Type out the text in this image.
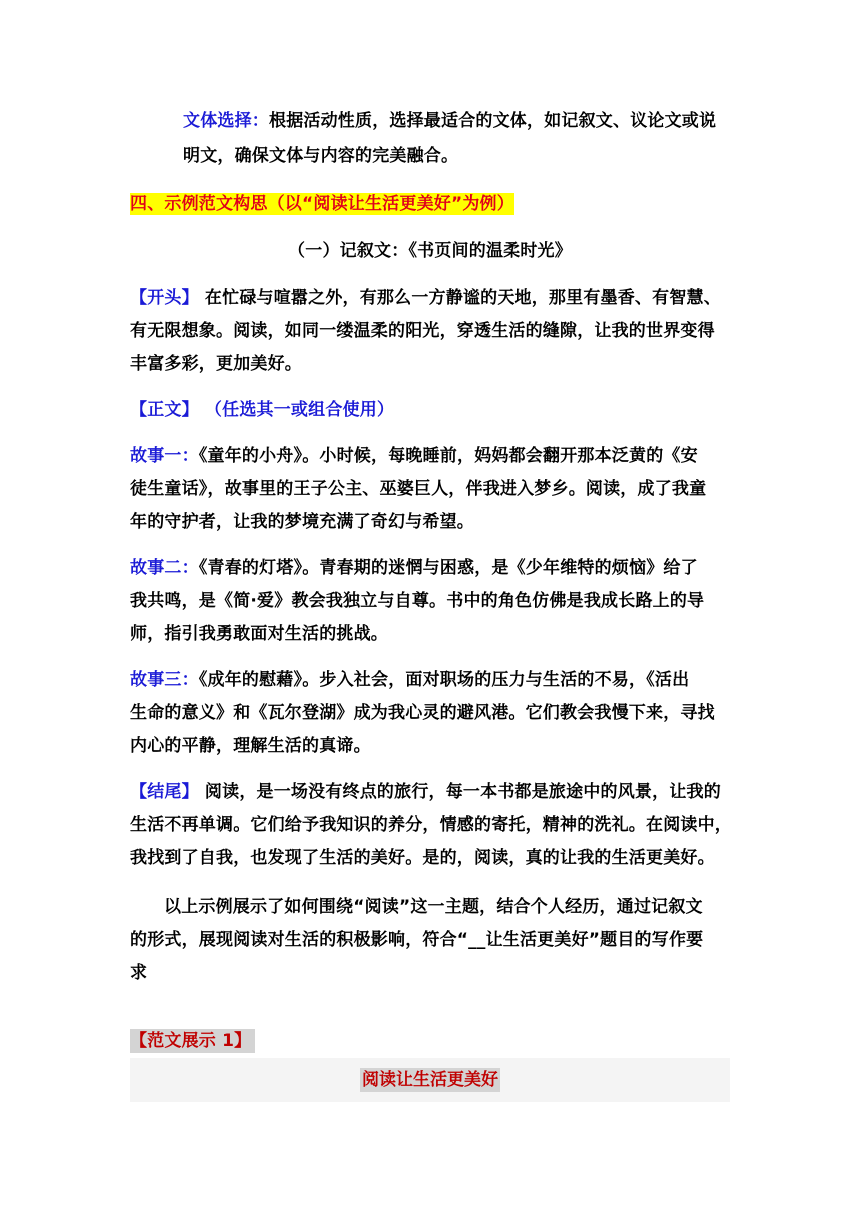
文体选择：根据活动性质，选择最适合的文体，如记叙文、议论文或说

明文，确保文体与内容的完美融合。

四、示例范文构思（以“阅读让生活更美好”为例）

（一）记叙文：《书页间的温柔时光》

【开头】 在忙碌与喧嚣之外，有那么一方静谧的天地，那里有墨香、有智慧、

有无限想象。阅读，如同一缕温柔的阳光，穿透生活的缝隙，让我的世界变得

丰富多彩，更加美好。

【正文】 （任选其一或组合使用）

故事一：《童年的小舟》。小时候，每晚睡前，妈妈都会翻开那本泛黄的《安

徒生童话》，故事里的王子公主、巫婆巨人，伴我进入梦乡。阅读，成了我童

年的守护者，让我的梦境充满了奇幻与希望。

故事二：《青春的灯塔》。青春期的迷惘与困惑，是《少年维特的烦恼》给了

我共鸣，是《简·爱》教会我独立与自尊。书中的角色仿佛是我成长路上的导

师，指引我勇敢面对生活的挑战。

故事三：《成年的慰藉》。步入社会，面对职场的压力与生活的不易，《活出

生命的意义》和《瓦尔登湖》成为我心灵的避风港。它们教会我慢下来，寻找

内心的平静，理解生活的真谛。

【结尾】 阅读，是一场没有终点的旅行，每一本书都是旅途中的风景，让我的

生活不再单调。它们给予我知识的养分，情感的寄托，精神的洗礼。在阅读中，

我找到了自我，也发现了生活的美好。是的，阅读，真的让我的生活更美好。

以上示例展示了如何围绕“阅读”这一主题，结合个人经历，通过记叙文

的形式，展现阅读对生活的积极影响，符合“__让生活更美好”题目的写作要

求

【范文展示 1】

阅读让生活更美好
